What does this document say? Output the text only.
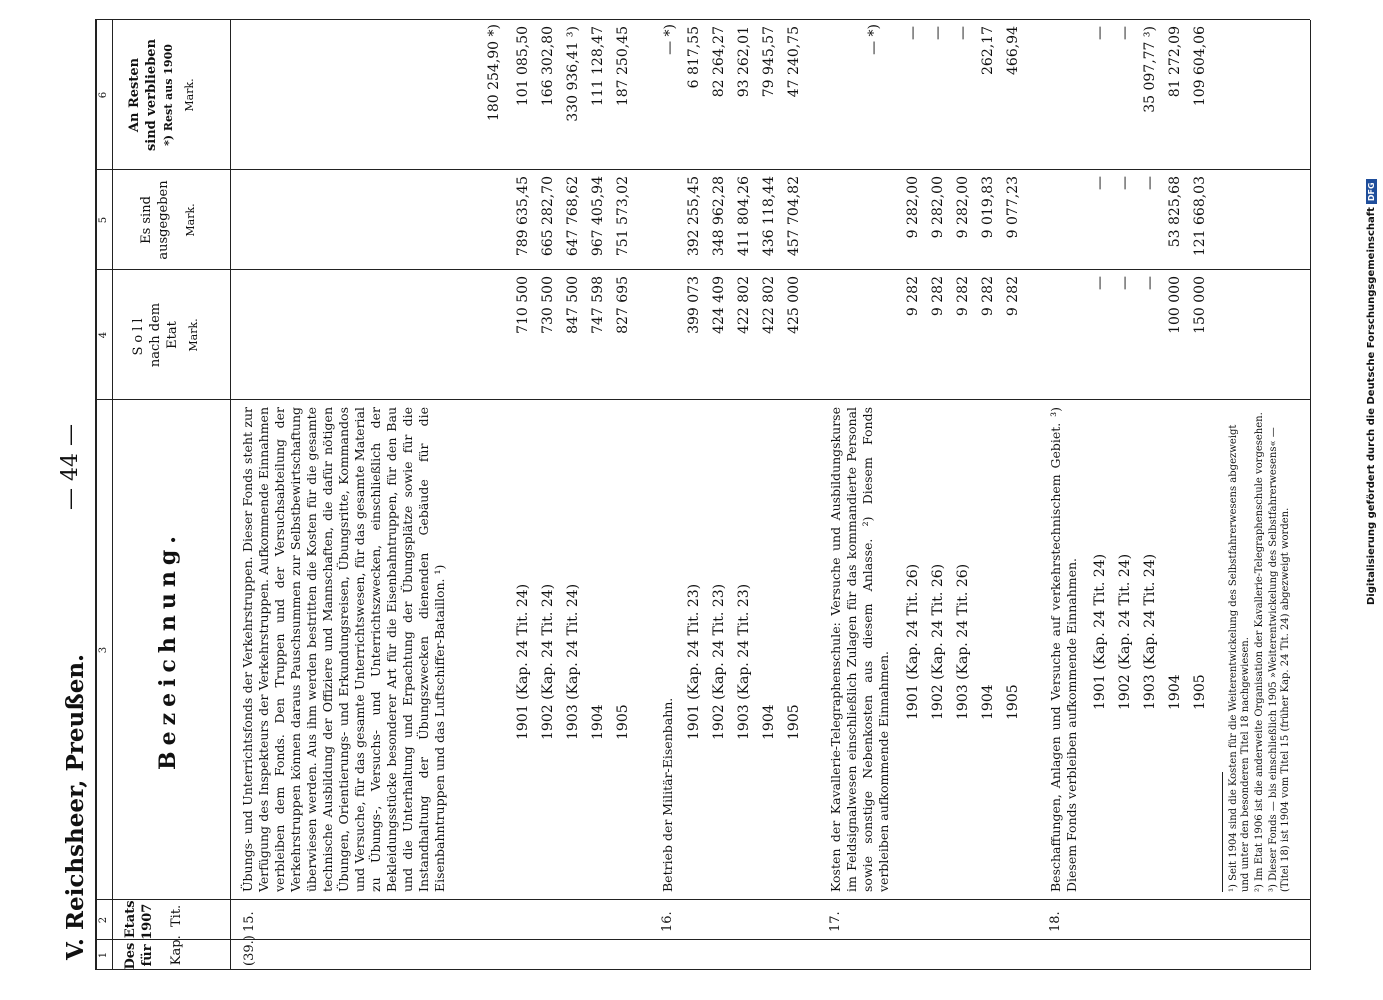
V. Reichsheer, Preußen.
— 44 —
1
2
3
4
5
6
Des Etats für 1907 Kap.  Tit.
Bezeichnung.
Soll nach dem Etat Mark.
Es sind ausgegeben Mark.
An Resten sind verblieben *) Rest aus 1900 Mark.
(39.)
15.
Übungs- und Unterrichtsfonds der Verkehrstruppen. Dieser Fonds steht zur Verfügung des Inspekteurs der Verkehrstruppen. Aufkommende Einnahmen verbleiben dem Fonds. Den Truppen und der Versuchsabteilung der Verkehrstruppen können daraus Pauschsummen zur Selbstbewirtschaftung überwiesen werden. Aus ihm werden bestritten die Kosten für die gesamte technische Ausbildung der Offiziere und Mannschaften, die dafür nötigen Übungen, Orientierungs- und Erkundungsreisen, Übungsritte, Kommandos und Versuche, für das gesamte Unterrichtswesen, für das gesamte Material zu Übungs-, Versuchs- und Unterrichtszwecken, einschließlich der Bekleidungsstücke besonderer Art für die Eisenbahntruppen, für den Bau und die Unterhaltung und Erpachtung der Übungsplätze sowie für die Instandhaltung der Übungszwecken dienenden Gebäude für die Eisenbahntruppen und das Luftschiffer-Bataillon. ¹)
180 254,90 *)
1901 (Kap. 24 Tit. 24)
710 500
789 635,45
101 085,50
1902 (Kap. 24 Tit. 24)
730 500
665 282,70
166 302,80
1903 (Kap. 24 Tit. 24)
847 500
647 768,62
330 936,41 ³)
1904
747 598
967 405,94
111 128,47
1905
827 695
751 573,02
187 250,45
16.
Betrieb der Militär-Eisenbahn.
— *)
1901 (Kap. 24 Tit. 23)
399 073
392 255,45
6 817,55
1902 (Kap. 24 Tit. 23)
424 409
348 962,28
82 264,27
1903 (Kap. 24 Tit. 23)
422 802
411 804,26
93 262,01
1904
422 802
436 118,44
79 945,57
1905
425 000
457 704,82
47 240,75
17.
Kosten der Kavallerie-Telegraphenschule: Versuche und Ausbildungskurse im Feldsignalwesen einschließlich Zulagen für das kommandierte Personal sowie sonstige Nebenkosten aus diesem Anlasse. ²) Diesem Fonds verbleiben aufkommende Einnahmen.
— *)
1901 (Kap. 24 Tit. 26)
9 282
9 282,00
—
1902 (Kap. 24 Tit. 26)
9 282
9 282,00
—
1903 (Kap. 24 Tit. 26)
9 282
9 282,00
—
1904
9 282
9 019,83
262,17
1905
9 282
9 077,23
466,94
18.
Beschaffungen, Anlagen und Versuche auf verkehrstechnischem Gebiet. ³) Diesem Fonds verbleiben aufkommende Einnahmen. 1901 (Kap. 24 Tit. 24)
—
—
—
1902 (Kap. 24 Tit. 24)
—
—
—
1903 (Kap. 24 Tit. 24)
—
—
35 097,77 ³)
1904
100 000
53 825,68
81 272,09
1905
150 000
121 668,03
109 604,06
¹) Seit 1904 sind die Kosten für die Weiterentwickelung des Selbstfahrerwesens abgezweigt und unter den besonderen Titel 18 nachgewiesen. ²) Im Etat 1906 ist die anderweite Organisation der Kavallerie-Telegraphenschule vorgesehen. ³) Dieser Fonds — bis einschließlich 1905 »Weiterentwickelung des Selbstfahrerwesens« — (Titel 18) ist 1904 vom Titel 15 (früher Kap. 24 Tit. 24) abgezweigt worden.
Digitalisierung gefördert durch die Deutsche ForschungsgemeinschaftDFG
